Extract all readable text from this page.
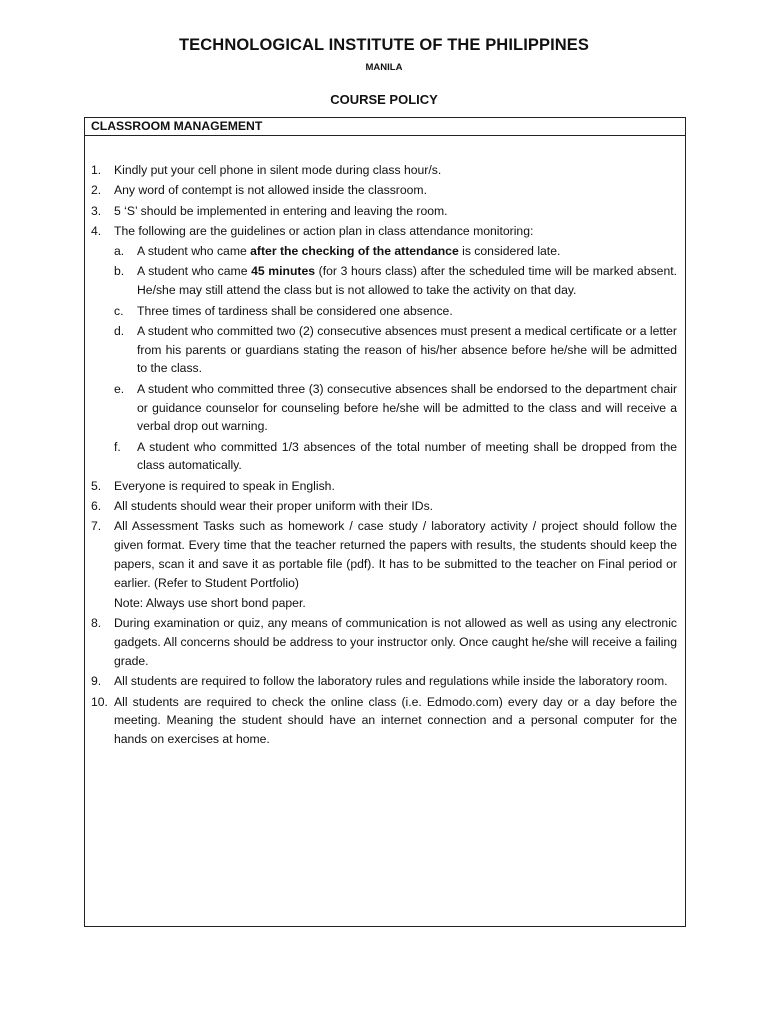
TECHNOLOGICAL INSTITUTE OF THE PHILIPPINES
MANILA
COURSE POLICY
CLASSROOM MANAGEMENT
1. Kindly put your cell phone in silent mode during class hour/s.
2. Any word of contempt is not allowed inside the classroom.
3. 5 ‘S’ should be implemented in entering and leaving the room.
4. The following are the guidelines or action plan in class attendance monitoring:
a. A student who came after the checking of the attendance is considered late.
b. A student who came 45 minutes (for 3 hours class) after the scheduled time will be marked absent. He/she may still attend the class but is not allowed to take the activity on that day.
c. Three times of tardiness shall be considered one absence.
d. A student who committed two (2) consecutive absences must present a medical certificate or a letter from his parents or guardians stating the reason of his/her absence before he/she will be admitted to the class.
e. A student who committed three (3) consecutive absences shall be endorsed to the department chair or guidance counselor for counseling before he/she will be admitted to the class and will receive a verbal drop out warning.
f. A student who committed 1/3 absences of the total number of meeting shall be dropped from the class automatically.
5. Everyone is required to speak in English.
6. All students should wear their proper uniform with their IDs.
7. All Assessment Tasks such as homework / case study / laboratory activity / project should follow the given format. Every time that the teacher returned the papers with results, the students should keep the papers, scan it and save it as portable file (pdf). It has to be submitted to the teacher on Final period or earlier. (Refer to Student Portfolio)
Note: Always use short bond paper.
8. During examination or quiz, any means of communication is not allowed as well as using any electronic gadgets. All concerns should be address to your instructor only. Once caught he/she will receive a failing grade.
9. All students are required to follow the laboratory rules and regulations while inside the laboratory room.
10. All students are required to check the online class (i.e. Edmodo.com) every day or a day before the meeting. Meaning the student should have an internet connection and a personal computer for the hands on exercises at home.
